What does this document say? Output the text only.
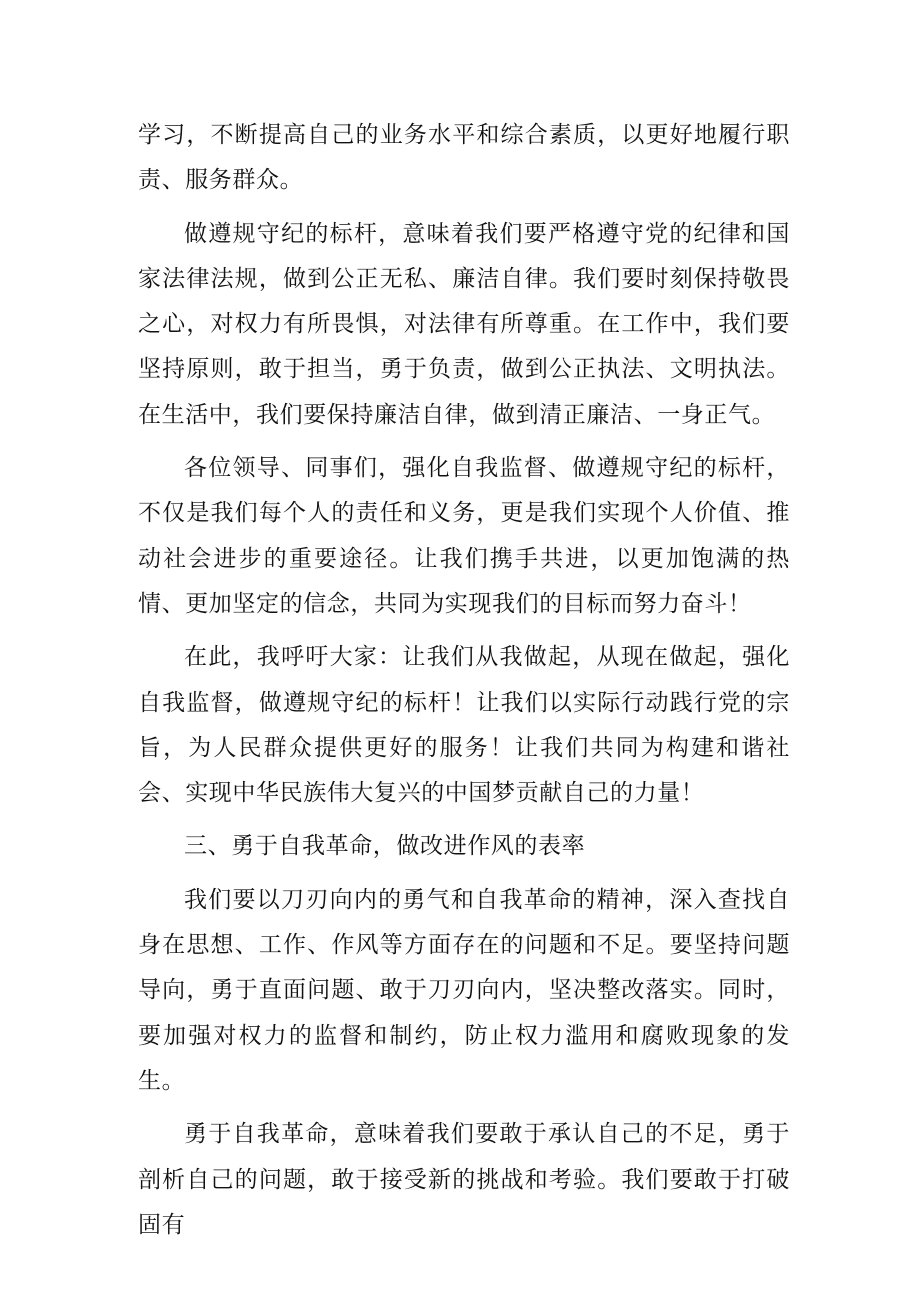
学习，不断提高自己的业务水平和综合素质，以更好地履行职责、服务群众。

做遵规守纪的标杆，意味着我们要严格遵守党的纪律和国家法律法规，做到公正无私、廉洁自律。我们要时刻保持敬畏之心，对权力有所畏惧，对法律有所尊重。在工作中，我们要坚持原则，敢于担当，勇于负责，做到公正执法、文明执法。在生活中，我们要保持廉洁自律，做到清正廉洁、一身正气。

各位领导、同事们，强化自我监督、做遵规守纪的标杆，不仅是我们每个人的责任和义务，更是我们实现个人价值、推动社会进步的重要途径。让我们携手共进，以更加饱满的热情、更加坚定的信念，共同为实现我们的目标而努力奋斗！

在此，我呼吁大家：让我们从我做起，从现在做起，强化自我监督，做遵规守纪的标杆！让我们以实际行动践行党的宗旨，为人民群众提供更好的服务！让我们共同为构建和谐社会、实现中华民族伟大复兴的中国梦贡献自己的力量！

三、勇于自我革命，做改进作风的表率

我们要以刀刃向内的勇气和自我革命的精神，深入查找自身在思想、工作、作风等方面存在的问题和不足。要坚持问题导向，勇于直面问题、敢于刀刃向内，坚决整改落实。同时，要加强对权力的监督和制约，防止权力滥用和腐败现象的发生。

勇于自我革命，意味着我们要敢于承认自己的不足，勇于剖析自己的问题，敢于接受新的挑战和考验。我们要敢于打破固有
